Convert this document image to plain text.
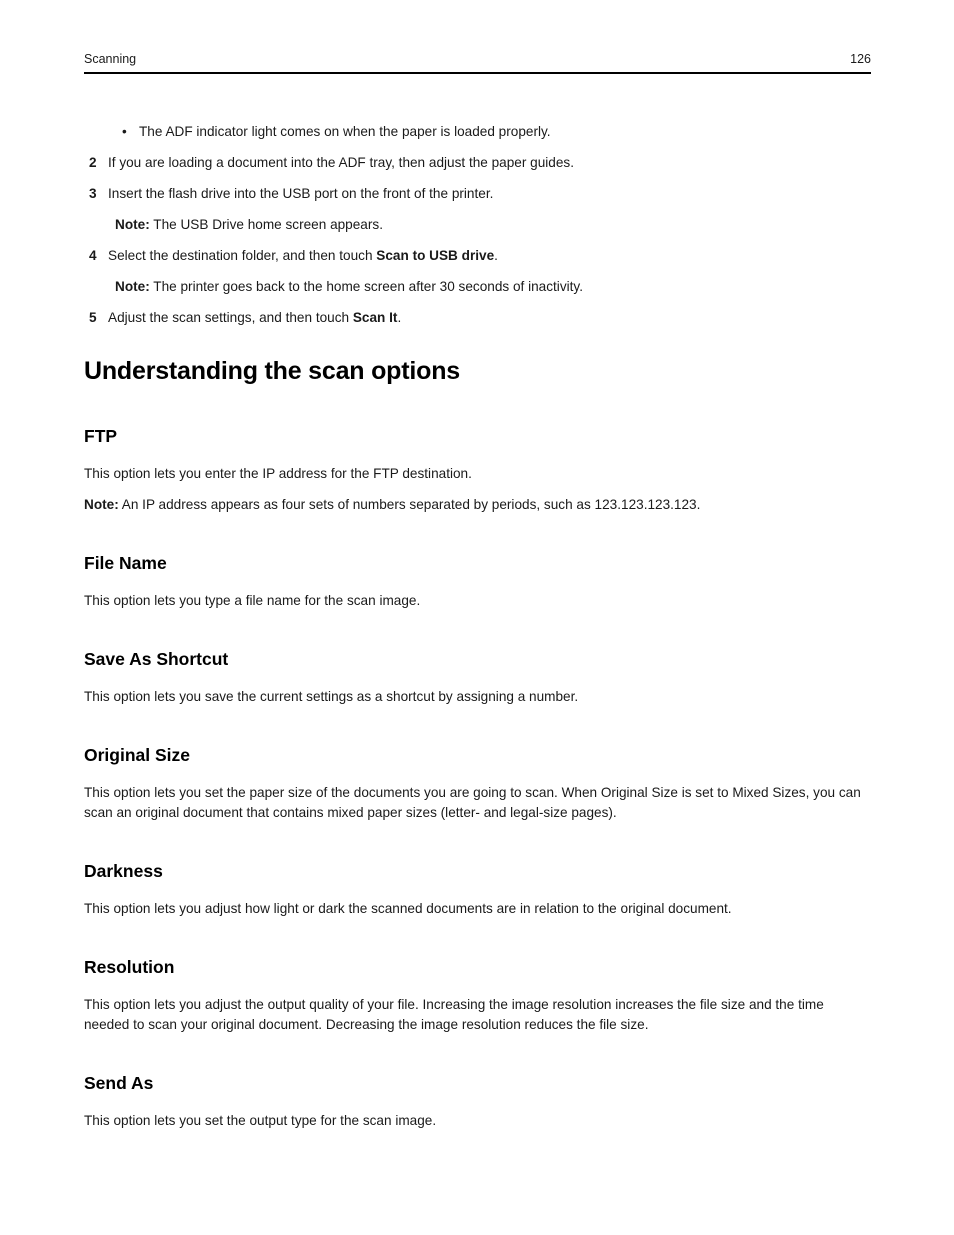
Scanning	126
• The ADF indicator light comes on when the paper is loaded properly.
2 If you are loading a document into the ADF tray, then adjust the paper guides.
3 Insert the flash drive into the USB port on the front of the printer.
Note: The USB Drive home screen appears.
4 Select the destination folder, and then touch Scan to USB drive.
Note: The printer goes back to the home screen after 30 seconds of inactivity.
5 Adjust the scan settings, and then touch Scan It.
Understanding the scan options
FTP

This option lets you enter the IP address for the FTP destination.

Note: An IP address appears as four sets of numbers separated by periods, such as 123.123.123.123.

File Name

This option lets you type a file name for the scan image.

Save As Shortcut

This option lets you save the current settings as a shortcut by assigning a number.

Original Size

This option lets you set the paper size of the documents you are going to scan. When Original Size is set to Mixed Sizes, you can scan an original document that contains mixed paper sizes (letter- and legal-size pages).

Darkness

This option lets you adjust how light or dark the scanned documents are in relation to the original document.

Resolution

This option lets you adjust the output quality of your file. Increasing the image resolution increases the file size and the time needed to scan your original document. Decreasing the image resolution reduces the file size.

Send As

This option lets you set the output type for the scan image.
